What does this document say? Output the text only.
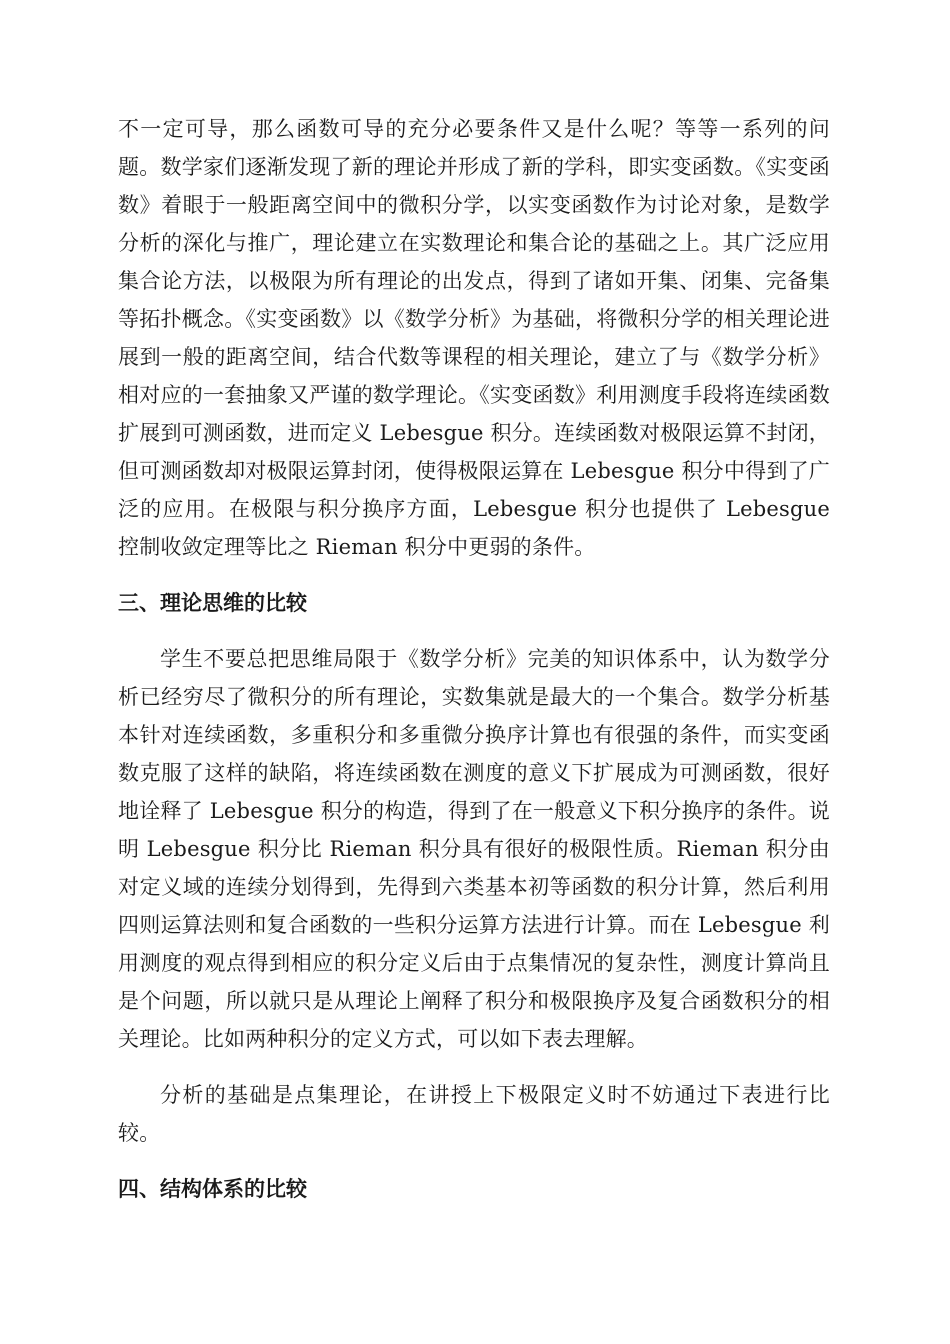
不一定可导，那么函数可导的充分必要条件又是什么呢？等等一系列的问题。数学家们逐渐发现了新的理论并形成了新的学科，即实变函数。《实变函数》着眼于一般距离空间中的微积分学，以实变函数作为讨论对象，是数学分析的深化与推广，理论建立在实数理论和集合论的基础之上。其广泛应用集合论方法，以极限为所有理论的出发点，得到了诸如开集、闭集、完备集等拓扑概念。《实变函数》以《数学分析》为基础，将微积分学的相关理论进展到一般的距离空间，结合代数等课程的相关理论，建立了与《数学分析》相对应的一套抽象又严谨的数学理论。《实变函数》利用测度手段将连续函数扩展到可测函数，进而定义 Lebesgue 积分。连续函数对极限运算不封闭，但可测函数却对极限运算封闭，使得极限运算在 Lebesgue 积分中得到了广泛的应用。在极限与积分换序方面，Lebesgue 积分也提供了 Lebesgue 控制收敛定理等比之 Rieman 积分中更弱的条件。

三、理论思维的比较

学生不要总把思维局限于《数学分析》完美的知识体系中，认为数学分析已经穷尽了微积分的所有理论，实数集就是最大的一个集合。数学分析基本针对连续函数，多重积分和多重微分换序计算也有很强的条件，而实变函数克服了这样的缺陷，将连续函数在测度的意义下扩展成为可测函数，很好地诠释了 Lebesgue 积分的构造，得到了在一般意义下积分换序的条件。说明 Lebesgue 积分比 Rieman 积分具有很好的极限性质。Rieman 积分由对定义域的连续分划得到，先得到六类基本初等函数的积分计算，然后利用四则运算法则和复合函数的一些积分运算方法进行计算。而在 Lebesgue 利用测度的观点得到相应的积分定义后由于点集情况的复杂性，测度计算尚且是个问题，所以就只是从理论上阐释了积分和极限换序及复合函数积分的相关理论。比如两种积分的定义方式，可以如下表去理解。

分析的基础是点集理论，在讲授上下极限定义时不妨通过下表进行比较。

四、结构体系的比较
